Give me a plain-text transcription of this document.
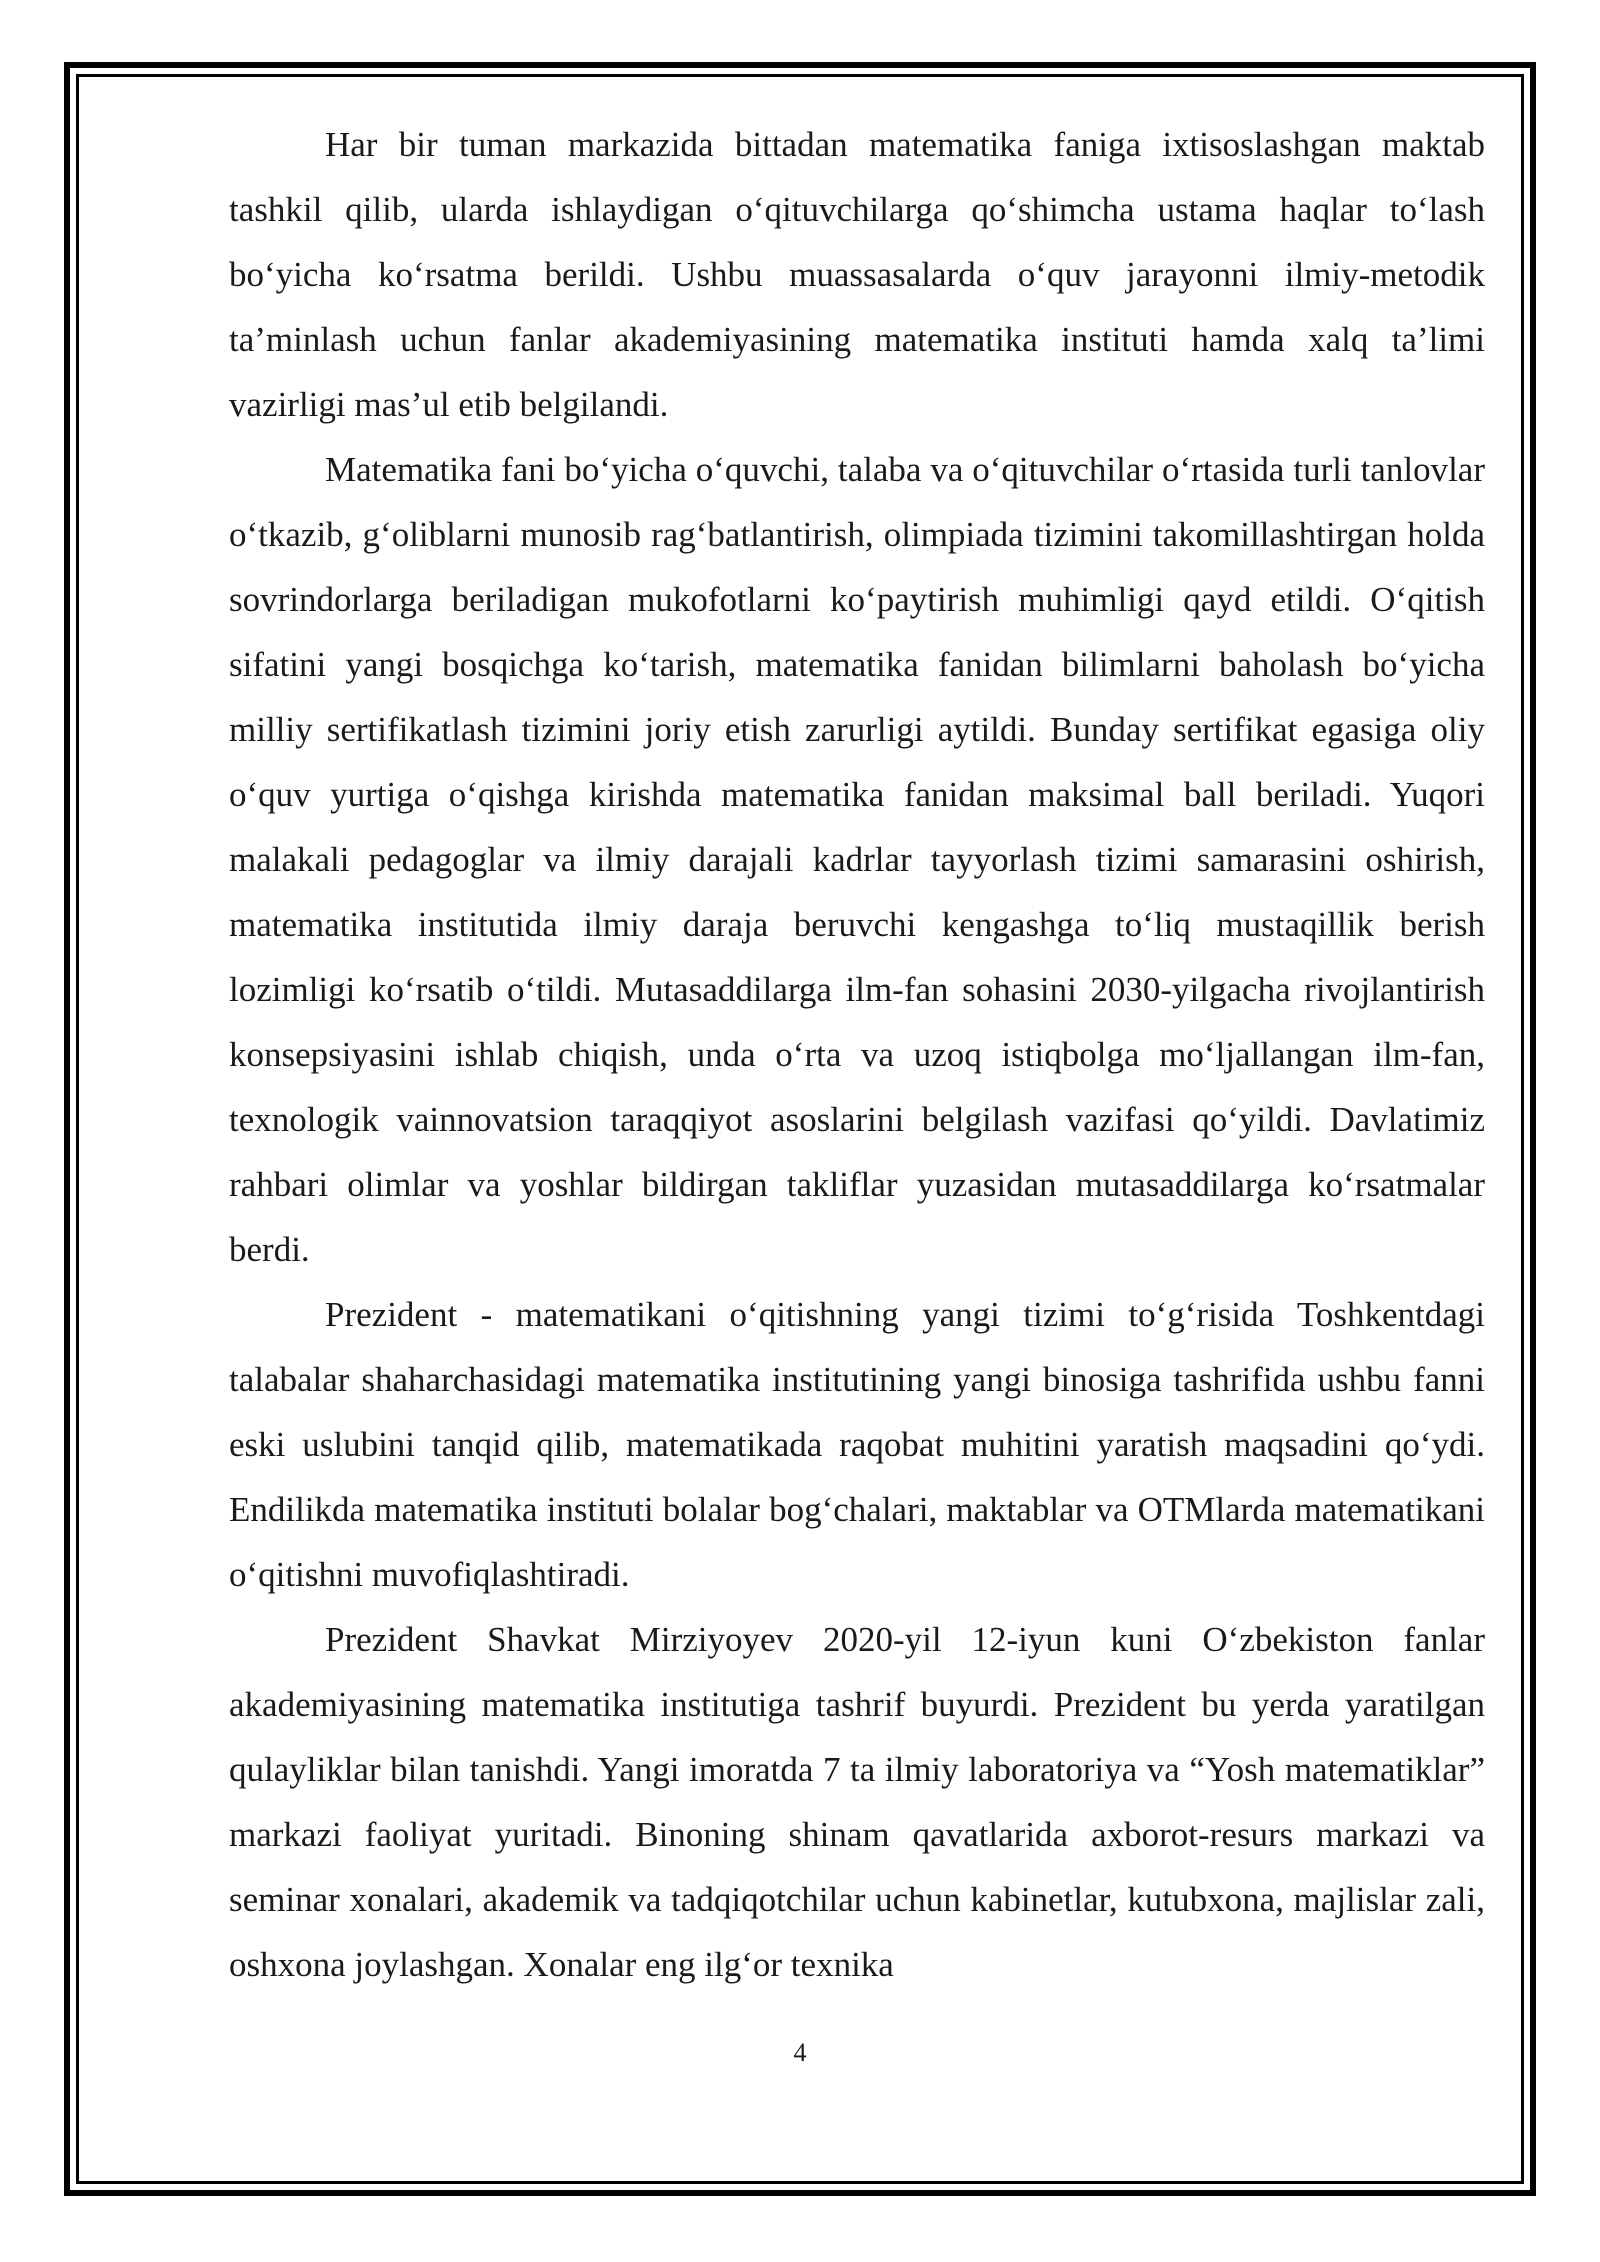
Har bir tuman markazida bittadan matematika faniga ixtisoslashgan maktab tashkil qilib, ularda ishlaydigan o‘qituvchilarga qo‘shimcha ustama haqlar to‘lash bo‘yicha ko‘rsatma berildi. Ushbu muassasalarda o‘quv jarayonni ilmiy-metodik ta’minlash uchun fanlar akademiyasining matematika instituti hamda xalq ta’limi vazirligi mas’ul etib belgilandi.

Matematika fani bo‘yicha o‘quvchi, talaba va o‘qituvchilar o‘rtasida turli tanlovlar o‘tkazib, g‘oliblarni munosib rag‘batlantirish, olimpiada tizimini takomillashtirgan holda sovrindorlarga beriladigan mukofotlarni ko‘paytirish muhimligi qayd etildi. O‘qitish sifatini yangi bosqichga ko‘tarish, matematika fanidan bilimlarni baholash bo‘yicha milliy sertifikatlash tizimini joriy etish zarurligi aytildi. Bunday sertifikat egasiga oliy o‘quv yurtiga o‘qishga kirishda matematika fanidan maksimal ball beriladi. Yuqori malakali pedagoglar va ilmiy darajali kadrlar tayyorlash tizimi samarasini oshirish, matematika institutida ilmiy daraja beruvchi kengashga to‘liq mustaqillik berish lozimligi ko‘rsatib o‘tildi. Mutasaddilarga ilm-fan sohasini 2030-yilgacha rivojlantirish konsepsiyasini ishlab chiqish, unda o‘rta va uzoq istiqbolga mo‘ljallangan ilm-fan, texnologik vainnovatsion taraqqiyot asoslarini belgilash vazifasi qo‘yildi. Davlatimiz rahbari olimlar va yoshlar bildirgan takliflar yuzasidan mutasaddilarga ko‘rsatmalar berdi.

Prezident - matematikani o‘qitishning yangi tizimi to‘g‘risida Toshkentdagi talabalar shaharchasidagi matematika institutining yangi binosiga tashrifida ushbu fanni eski uslubini tanqid qilib, matematikada raqobat muhitini yaratish maqsadini qo‘ydi. Endilikda matematika instituti bolalar bog‘chalari, maktablar va OTMlarda matematikani o‘qitishni muvofiqlashtiradi.

Prezident Shavkat Mirziyoyev 2020-yil 12-iyun kuni O‘zbekiston fanlar akademiyasining matematika institutiga tashrif buyurdi. Prezident bu yerda yaratilgan qulayliklar bilan tanishdi. Yangi imoratda 7 ta ilmiy laboratoriya va “Yosh matematiklar” markazi faoliyat yuritadi. Binoning shinam qavatlarida axborot-resurs markazi va seminar xonalari, akademik va tadqiqotchilar uchun kabinetlar, kutubxona, majlislar zali, oshxona joylashgan. Xonalar eng ilg‘or texnika

4
